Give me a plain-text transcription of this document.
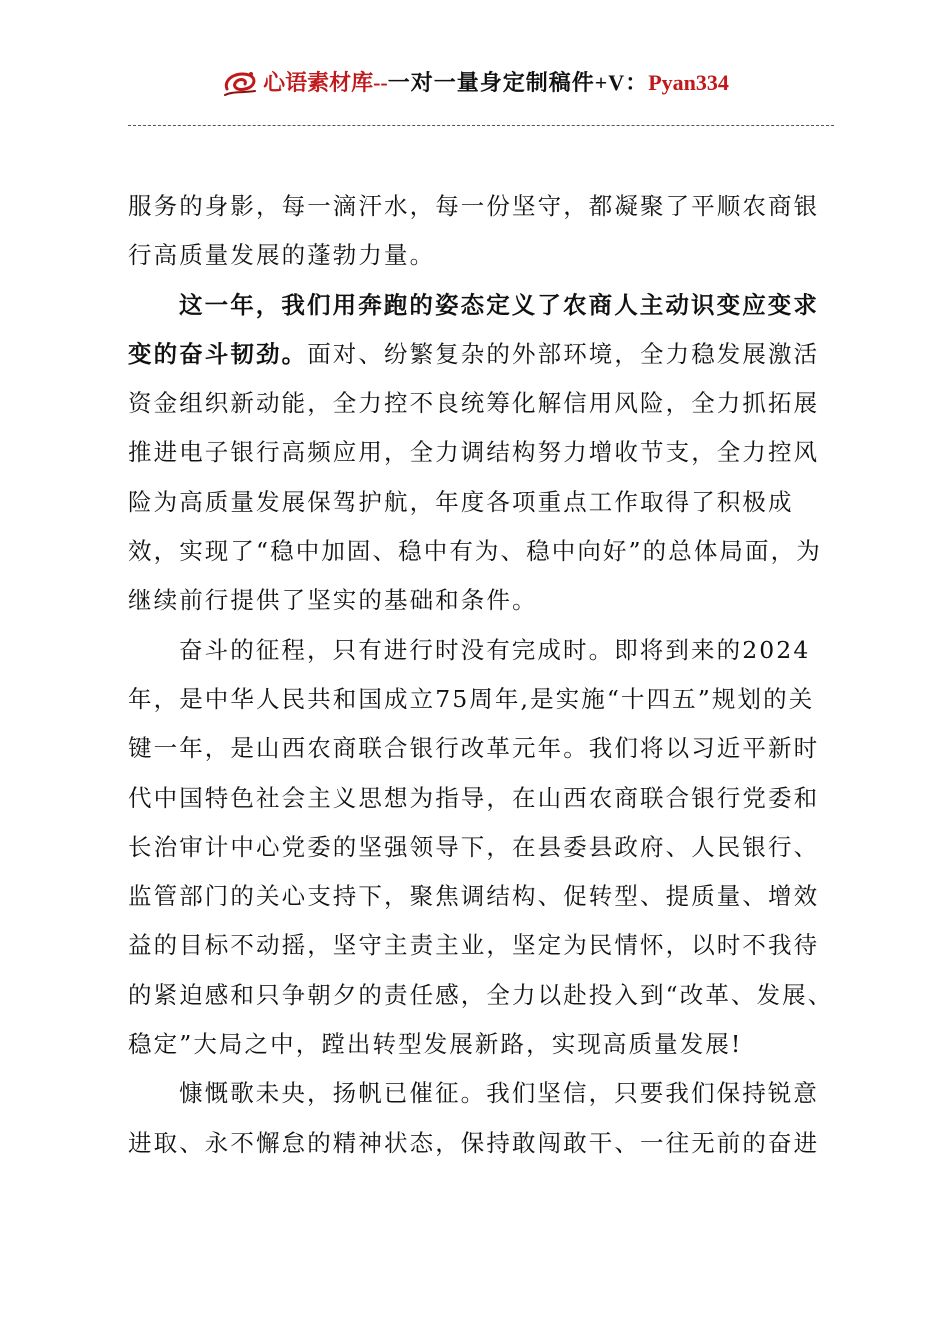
心语素材库--一对一量身定制稿件+V：Pyan334

服务的身影，每一滴汗水，每一份坚守，都凝聚了平顺农商银行高质量发展的蓬勃力量。

这一年，我们用奔跑的姿态定义了农商人主动识变应变求变的奋斗韧劲。面对、纷繁复杂的外部环境，全力稳发展激活资金组织新动能，全力控不良统筹化解信用风险，全力抓拓展推进电子银行高频应用，全力调结构努力增收节支，全力控风险为高质量发展保驾护航，年度各项重点工作取得了积极成效，实现了“稳中加固、稳中有为、稳中向好”的总体局面，为继续前行提供了坚实的基础和条件。

奋斗的征程，只有进行时没有完成时。即将到来的2024年，是中华人民共和国成立75周年,是实施“十四五”规划的关键一年，是山西农商联合银行改革元年。我们将以习近平新时代中国特色社会主义思想为指导，在山西农商联合银行党委和长治审计中心党委的坚强领导下，在县委县政府、人民银行、监管部门的关心支持下，聚焦调结构、促转型、提质量、增效益的目标不动摇，坚守主责主业，坚定为民情怀，以时不我待的紧迫感和只争朝夕的责任感，全力以赴投入到“改革、发展、稳定”大局之中，蹚出转型发展新路，实现高质量发展!

慷慨歌未央，扬帆已催征。我们坚信，只要我们保持锐意进取、永不懈怠的精神状态，保持敢闯敢干、一往无前的奋进
